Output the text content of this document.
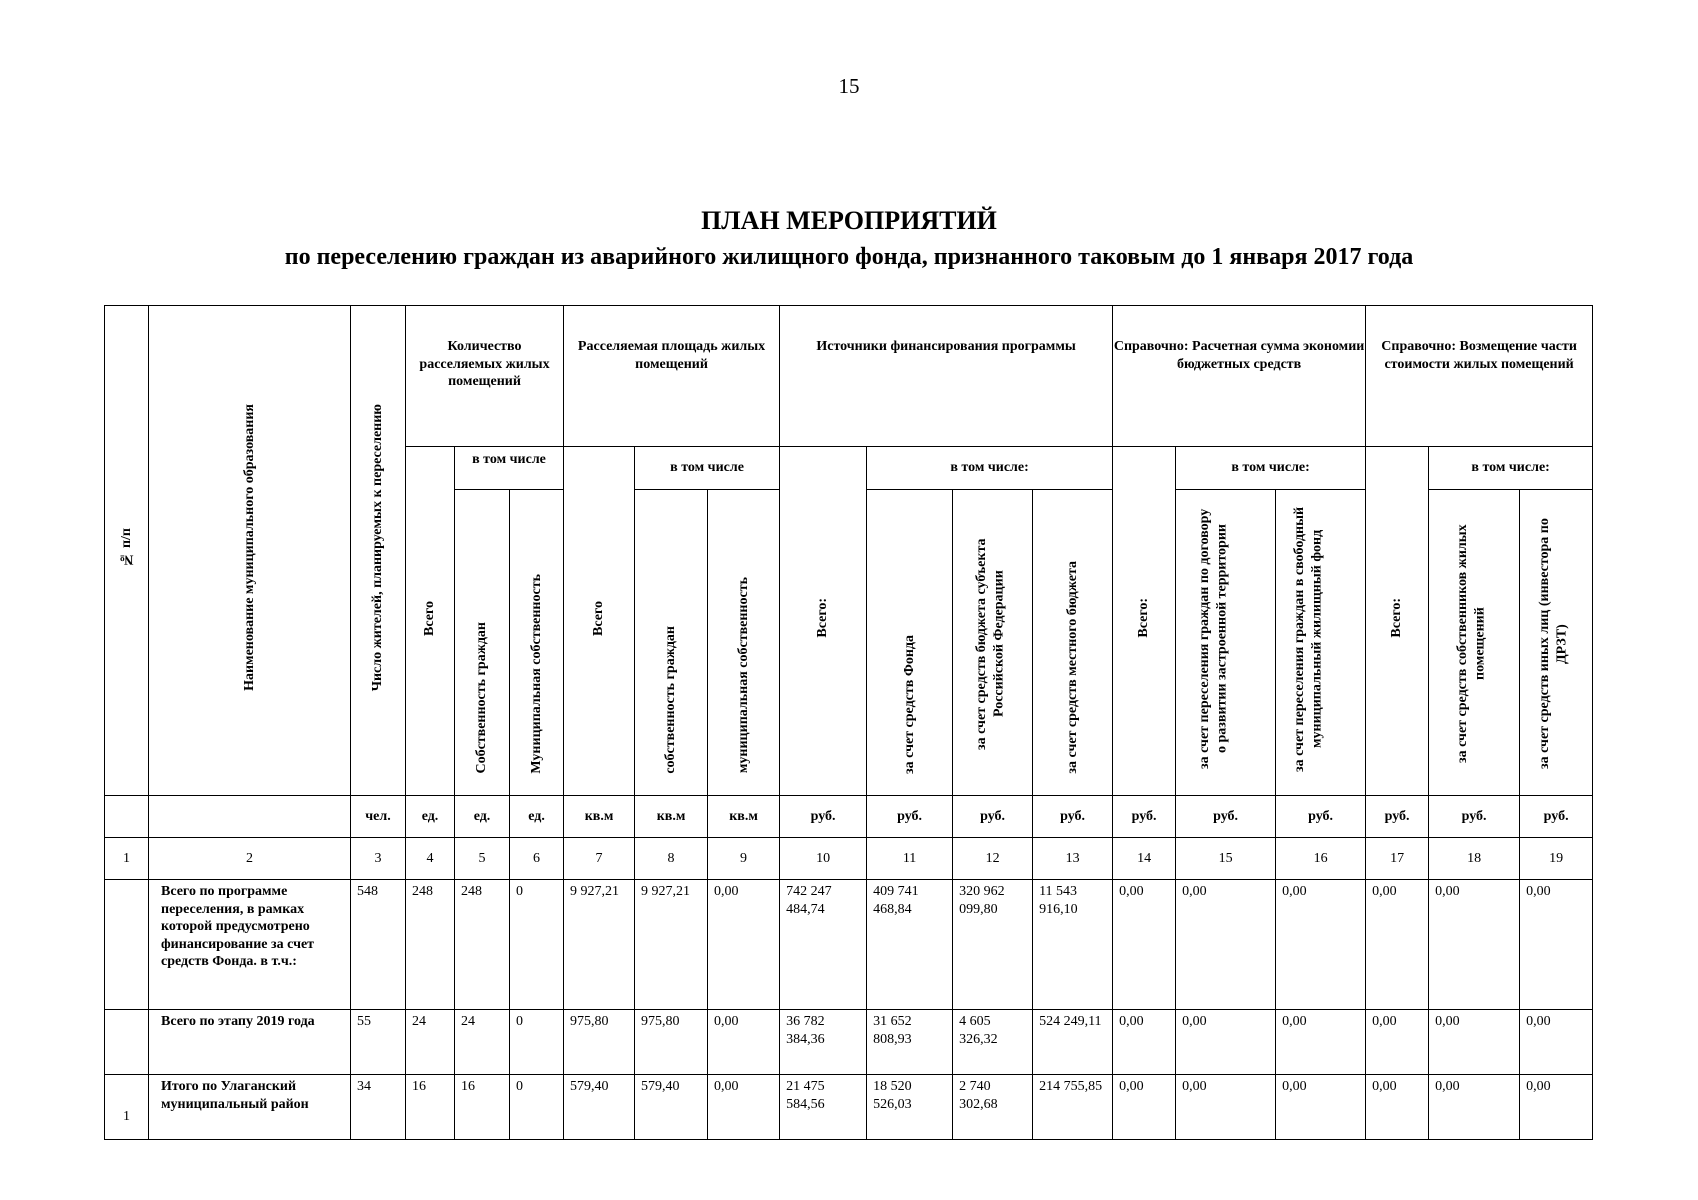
15
ПЛАН МЕРОПРИЯТИЙ
по переселению граждан из аварийного жилищного фонда, признанного таковым до 1 января 2017 года
№ п/п	Наименование муниципального образования	Число жителей, планируемых к переселению	Количество расселяемых жилых помещений			Расселяемая площадь жилых помещений			Источники финансирования программы				Справочно: Расчетная сумма экономии бюджетных средств			Справочно: Возмещение части стоимости жилых помещений		
			Всего	в том числе		Всего	в том числе		Всего:	в том числе:			Всего:	в том числе:		Всего:	в том числе:	
				Собственность граждан	Муниципальная собственность		собственность граждан	муниципальная собственность		за счет средств Фонда	за счет средств бюджета субъекта Российской Федерации	за счет средств местного бюджета		за счет переселения граждан по договору о развитии застроенной территории	за счет переселения граждан в свободный муниципальный жилищный фонд		за счет средств собственников жилых помещений	за счет средств иных лиц (инвестора по ДРЗТ)
		чел.	ед.	ед.	ед.	кв.м	кв.м	кв.м	руб.	руб.	руб.	руб.	руб.	руб.	руб.	руб.	руб.	руб.
1	2	3	4	5	6	7	8	9	10	11	12	13	14	15	16	17	18	19
	Всего по программе переселения, в рамках которой предусмотрено финансирование за счет средств Фонда. в т.ч.:	548	248	248	0	9 927,21	9 927,21	0,00	742 247 484,74	409 741 468,84	320 962 099,80	11 543 916,10	0,00	0,00	0,00	0,00	0,00	0,00
	Всего по этапу 2019 года	55	24	24	0	975,80	975,80	0,00	36 782 384,36	31 652 808,93	4 605 326,32	524 249,11	0,00	0,00	0,00	0,00	0,00	0,00
1	Итого по Улаганский муниципальный район	34	16	16	0	579,40	579,40	0,00	21 475 584,56	18 520 526,03	2 740 302,68	214 755,85	0,00	0,00	0,00	0,00	0,00	0,00
